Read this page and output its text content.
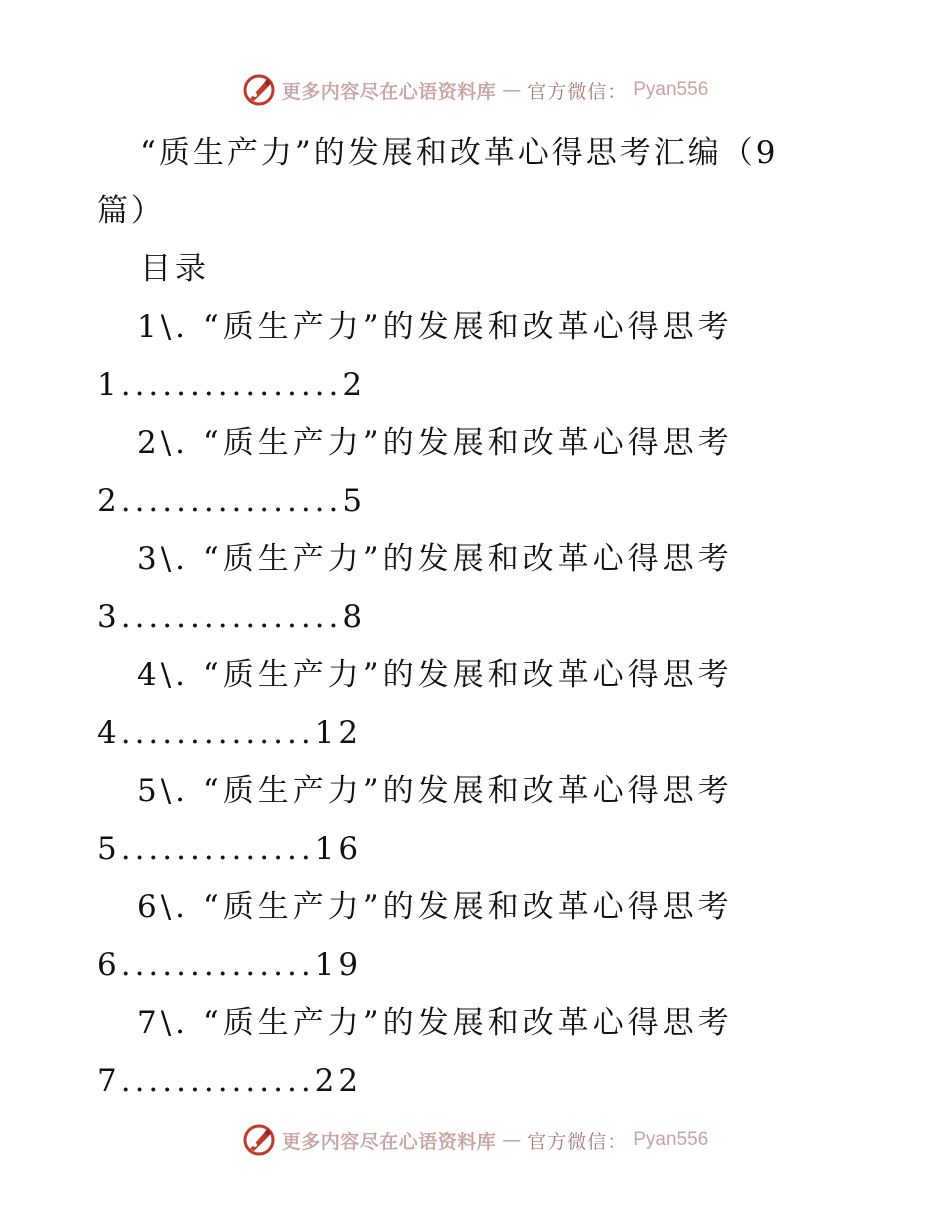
更多内容尽在心语资料库 — 官方微信： Pyan556

“质生产力”的发展和改革心得思考汇编（9篇）

目录

1\. “质生产力”的发展和改革心得思考

1................2

2\. “质生产力”的发展和改革心得思考

2................5

3\. “质生产力”的发展和改革心得思考

3................8

4\. “质生产力”的发展和改革心得思考

4..............12

5\. “质生产力”的发展和改革心得思考

5..............16

6\. “质生产力”的发展和改革心得思考

6..............19

7\. “质生产力”的发展和改革心得思考

7..............22

更多内容尽在心语资料库 — 官方微信： Pyan556
